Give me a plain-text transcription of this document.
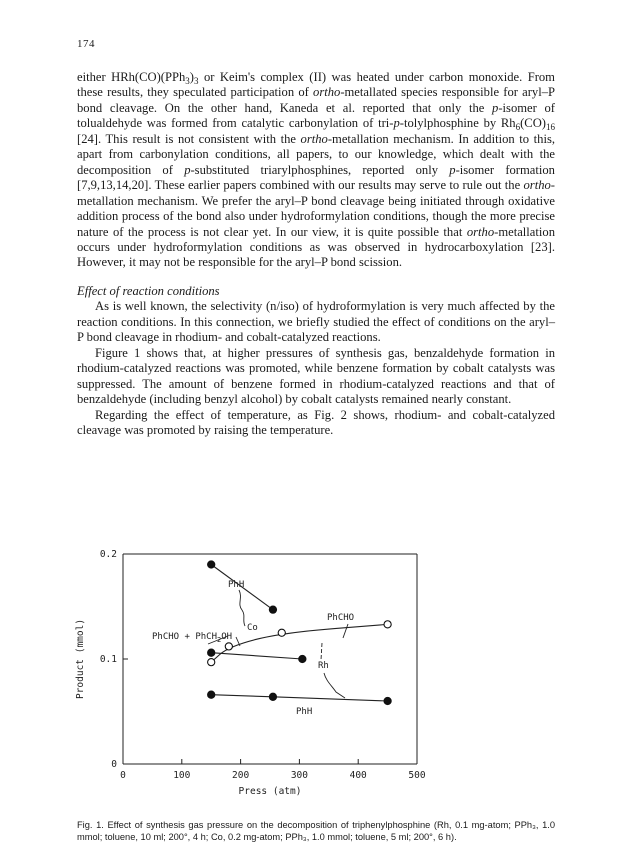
174

either $HRh(CO)(PPh_3)_3$ or Keim's complex (II) was heated under carbon monoxide. From these results, they speculated participation of ortho-metallated species responsible for aryl–P bond cleavage. On the other hand, Kaneda et al. reported that only the p-isomer of tolualdehyde was formed from catalytic carbonylation of tri-p-tolylphosphine by $Rh_6(CO)_{16}$ [24]. This result is not consistent with the ortho-metallation mechanism. In addition to this, apart from carbonylation conditions, all papers, to our knowledge, which dealt with the decomposition of p-substituted triarylphosphines, reported only p-isomer formation [7,9,13,14,20]. These earlier papers combined with our results may serve to rule out the ortho-metallation mechanism. We prefer the aryl–P bond cleavage being initiated through oxidative addition process of the bond also under hydroformylation conditions, though the more precise nature of the process is not clear yet. In our view, it is quite possible that ortho-metallation occurs under hydroformylation conditions as was observed in hydrocarboxylation [23]. However, it may not be responsible for the aryl–P bond scission.

Effect of reaction conditions

As is well known, the selectivity (n/iso) of hydroformylation is very much affected by the reaction conditions. In this connection, we briefly studied the effect of conditions on the aryl–P bond cleavage in rhodium- and cobalt-catalyzed reactions.

Figure 1 shows that, at higher pressures of synthesis gas, benzaldehyde formation in rhodium-catalyzed reactions was promoted, while benzene formation by cobalt catalysts was suppressed. The amount of benzene formed in rhodium-catalyzed reactions and that of benzaldehyde (including benzyl alcohol) by cobalt catalysts remained nearly constant.

Regarding the effect of temperature, as Fig. 2 shows, rhodium- and cobalt-catalyzed cleavage was promoted by raising the temperature.

0	100	200	300	400	500
0
0.1
0.2
Press (atm)
Product (mmol)
PhH
Co
PhCHO
PhCHO + PhCH$_2$OH
Rh
PhH

Fig. 1. Effect of synthesis gas pressure on the decomposition of triphenylphosphine (Rh, 0.1 mg-atom; PPh₃, 1.0 mmol; toluene, 10 ml; 200°, 4 h; Co, 0.2 mg-atom; PPh₃, 1.0 mmol; toluene, 5 ml; 200°, 6 h).
